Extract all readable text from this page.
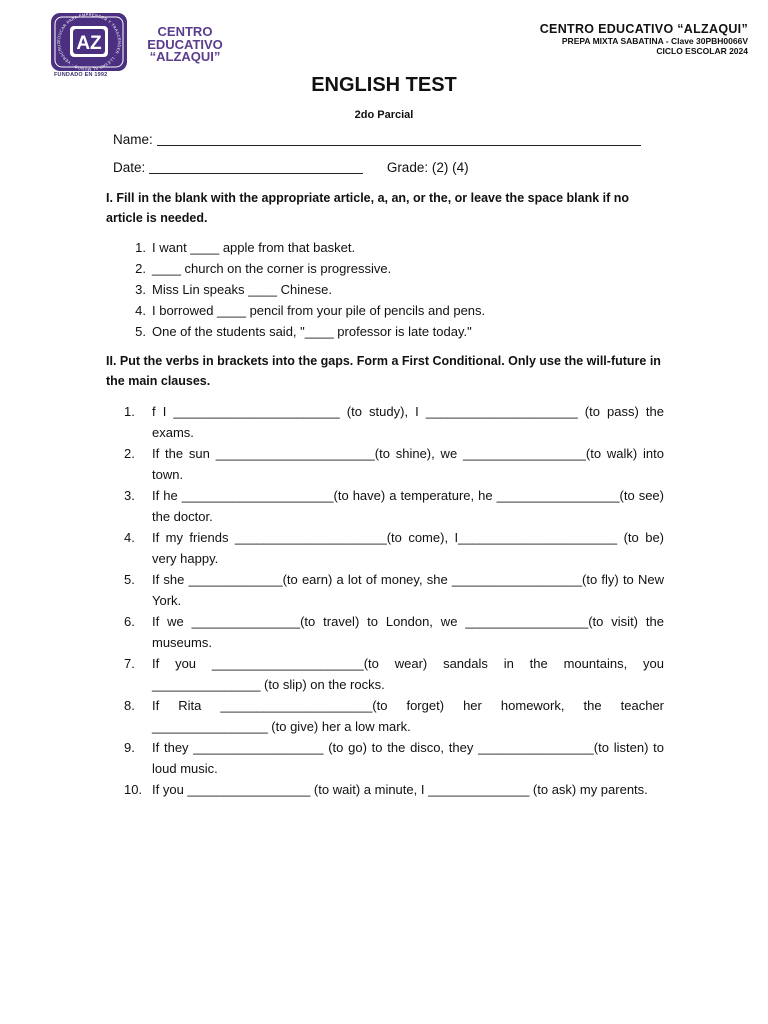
EDUCAR PARA EMPRENDER Y TRASCENDER · LLEVAR AL MUNDO · VERACRUZ AZ
FUNDADO EN 1992
CENTRO
EDUCATIVO
“ALZAQUI”
CENTRO EDUCATIVO “ALZAQUI”
PREPA MIXTA SABATINA - Clave 30PBH0066V
CICLO ESCOLAR 2024
ENGLISH TEST
2do Parcial
Name:
Date:	Grade: (2) (4)
I. Fill in the blank with the appropriate article, a, an, or the, or leave the space blank if no article is needed.
1. I want ____ apple from that basket.
2. ____ church on the corner is progressive.
3. Miss Lin speaks ____ Chinese.
4. I borrowed ____ pencil from your pile of pencils and pens.
5. One of the students said, "____ professor is late today."
II. Put the verbs in brackets into the gaps. Form a First Conditional. Only use the will-future in the main clauses.
1.	f I _______________________ (to study), I _____________________ (to pass) the exams.
2.	If the sun ______________________(to shine), we _________________(to walk) into town.
3.	If he _____________________(to have) a temperature, he _________________(to see) the doctor.
4.	If my friends _____________________(to come), I______________________ (to be) very happy.
5.	If she _____________(to earn) a lot of money, she __________________(to fly) to New York.
6.	If we _______________(to travel) to London, we _________________(to visit) the museums.
7.	If you _____________________(to wear) sandals in the mountains, you _______________ (to slip) on the rocks.
8.	If Rita _____________________(to forget) her homework, the teacher ________________ (to give) her a low mark.
9.	If they __________________ (to go) to the disco, they ________________(to listen) to loud music.
10. If you _________________ (to wait) a minute, I ______________ (to ask) my parents.
